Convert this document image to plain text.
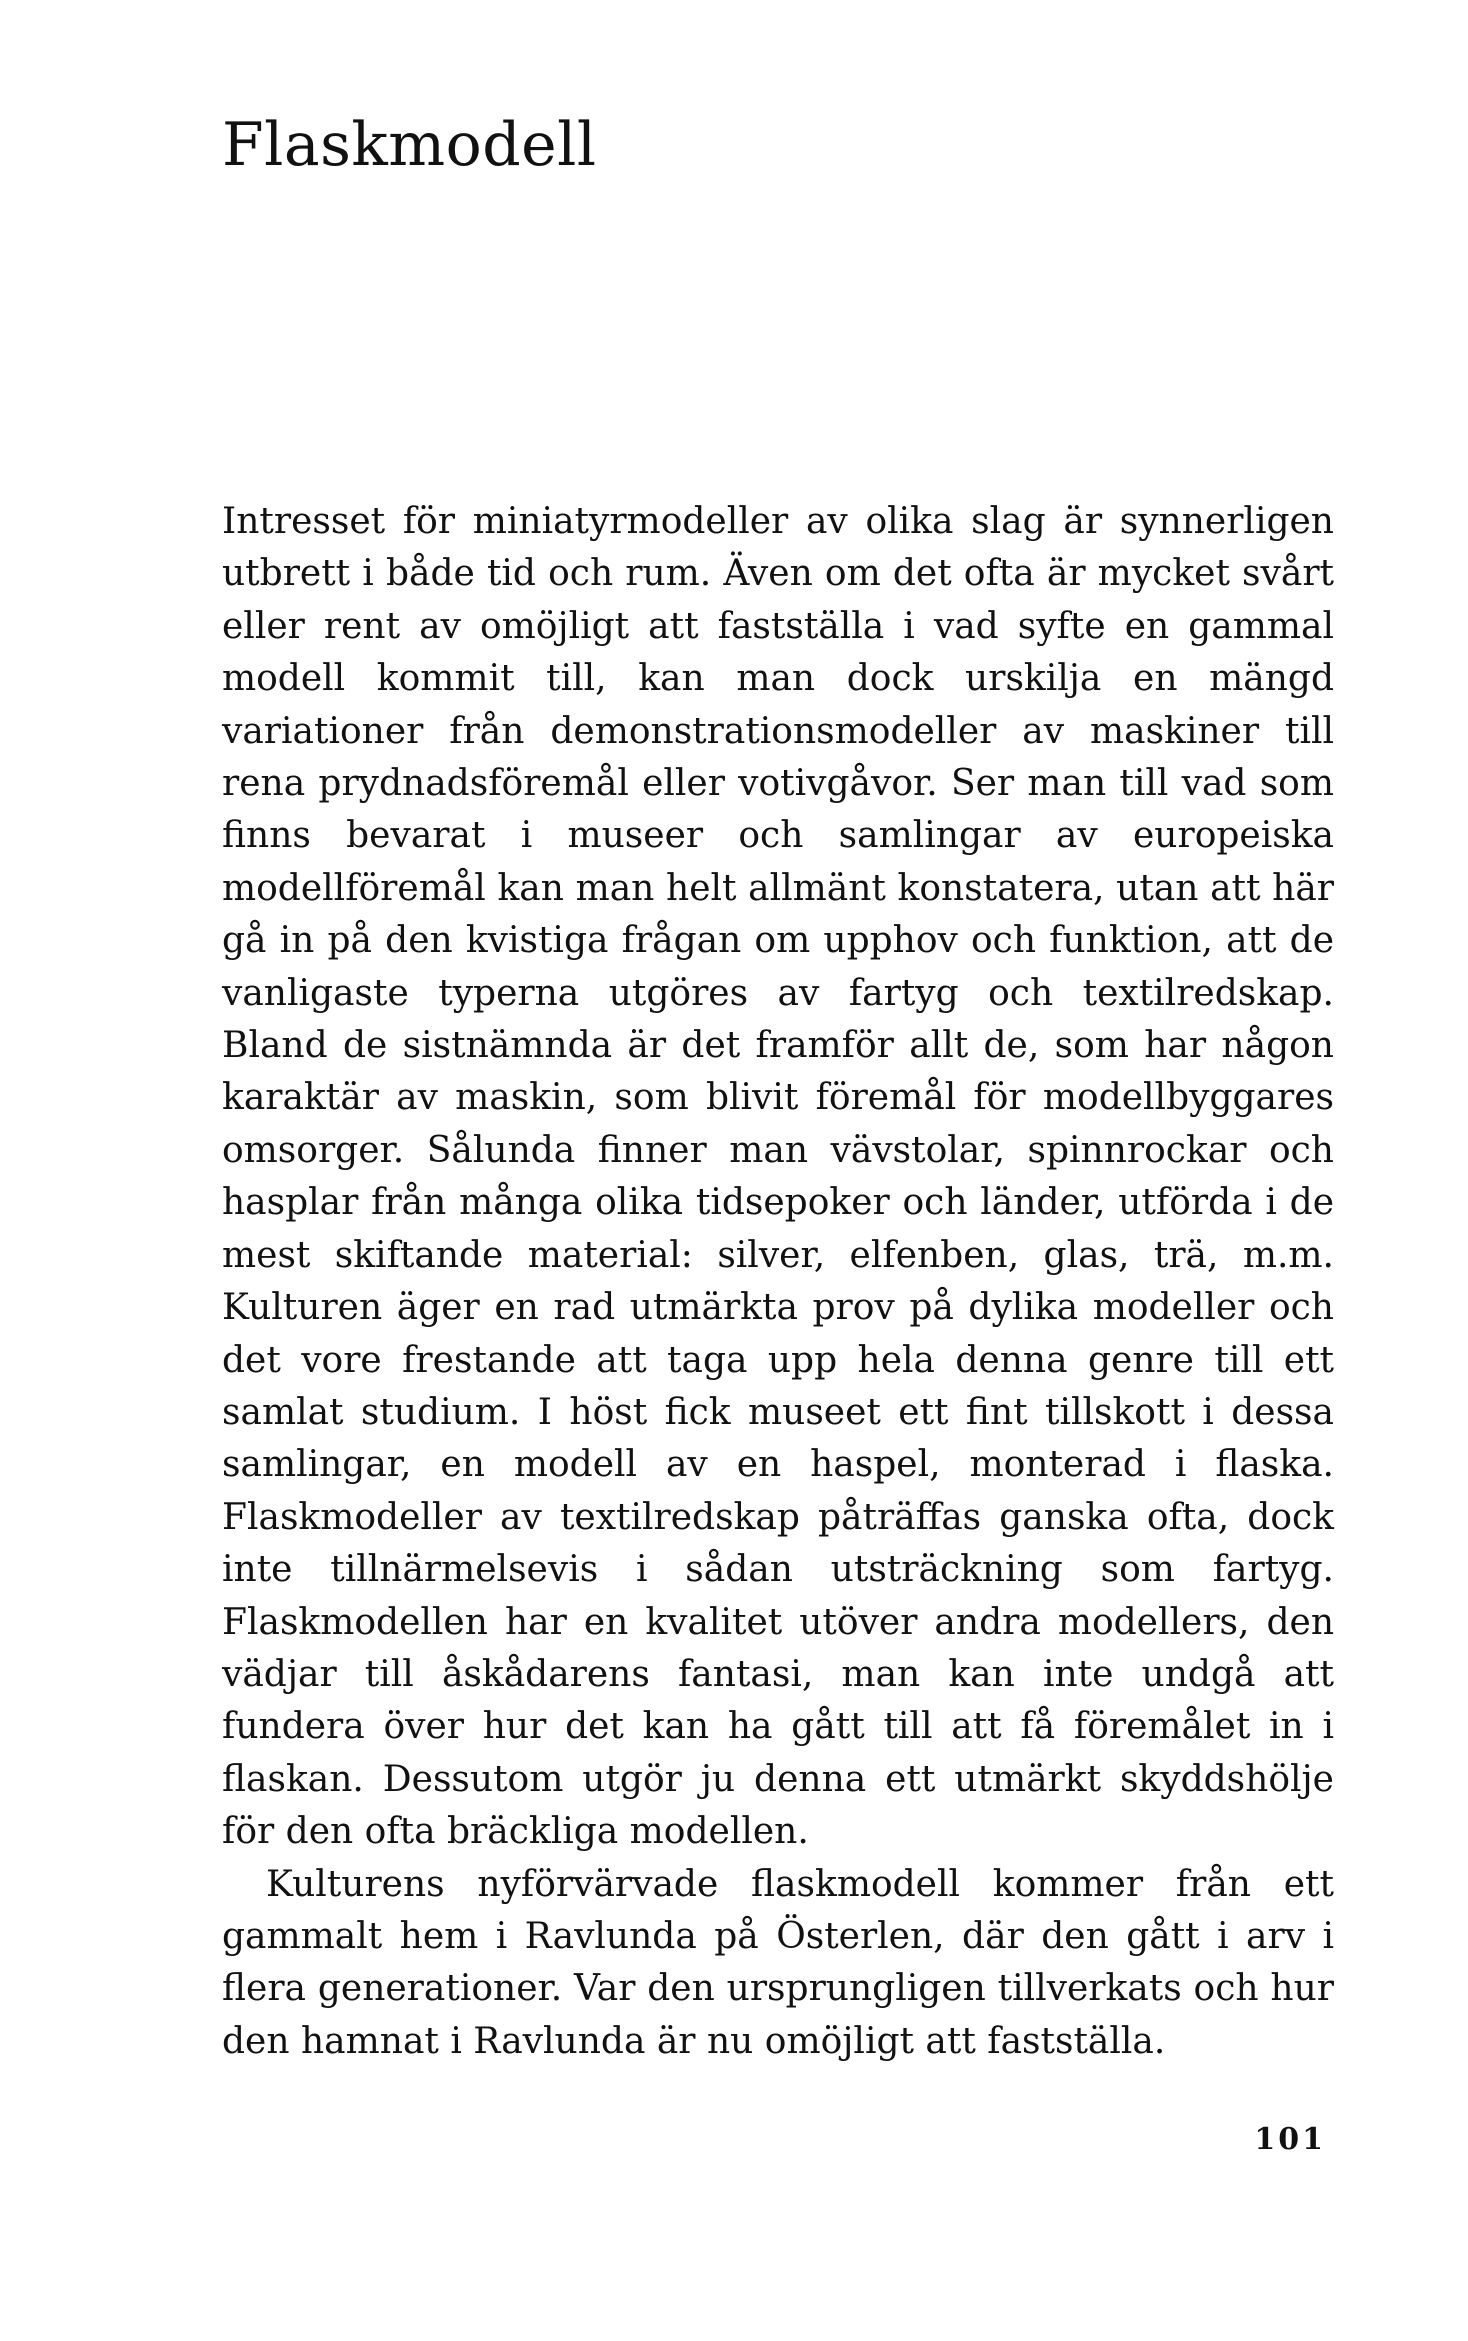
Flaskmodell

Intresset för miniatyrmodeller av olika slag är synnerligen utbrett i både tid och rum. Även om det ofta är mycket svårt eller rent av omöjligt att fastställa i vad syfte en gammal modell kommit till, kan man dock urskilja en mängd variationer från demonstrationsmodeller av maskiner till rena prydnadsföremål eller votivgåvor. Ser man till vad som finns bevarat i museer och samlingar av europeiska modellföremål kan man helt allmänt konstatera, utan att här gå in på den kvistiga frågan om upphov och funktion, att de vanligaste typerna utgöres av fartyg och textilredskap. Bland de sistnämnda är det framför allt de, som har någon karaktär av maskin, som blivit föremål för modellbyggares omsorger. Sålunda finner man vävstolar, spinnrockar och hasplar från många olika tidsepoker och länder, utförda i de mest skiftande material: silver, elfenben, glas, trä, m.m. Kulturen äger en rad utmärkta prov på dylika modeller och det vore frestande att taga upp hela denna genre till ett samlat studium. I höst fick museet ett fint tillskott i dessa samlingar, en modell av en haspel, monterad i flaska. Flaskmodeller av textilredskap påträffas ganska ofta, dock inte tillnärmelsevis i sådan utsträckning som fartyg. Flaskmodellen har en kvalitet utöver andra modellers, den vädjar till åskådarens fantasi, man kan inte undgå att fundera över hur det kan ha gått till att få föremålet in i flaskan. Dessutom utgör ju denna ett utmärkt skyddshölje för den ofta bräckliga modellen.

Kulturens nyförvärvade flaskmodell kommer från ett gammalt hem i Ravlunda på Österlen, där den gått i arv i flera generationer. Var den ursprungligen tillverkats och hur den hamnat i Ravlunda är nu omöjligt att fastställa.

101
